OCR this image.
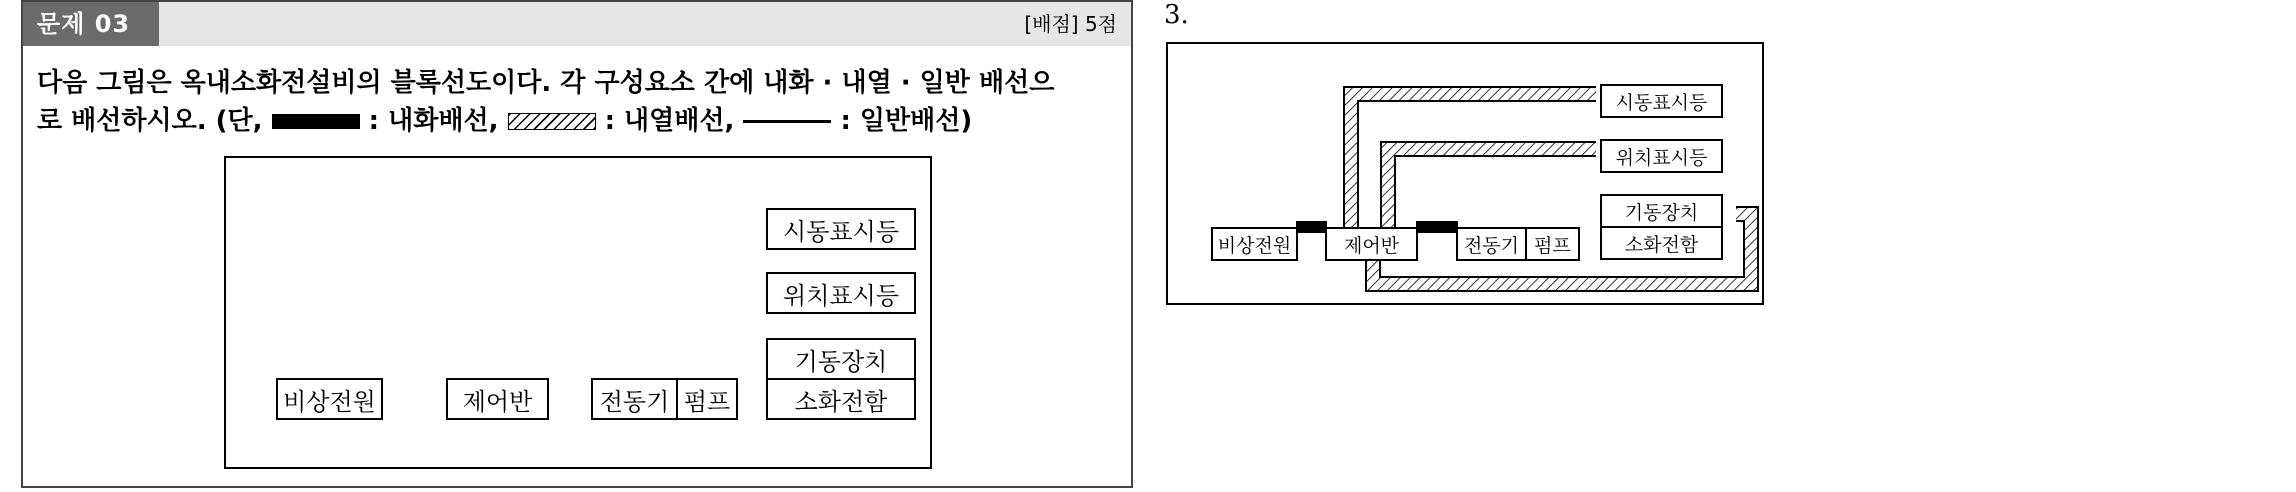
문제 03	[배점] 5점
다음 그림은 옥내소화전설비의 블록선도이다. 각 구성요소 간에 내화 · 내열 · 일반 배선으
로 배선하시오. (단,	: 내화배선,	: 내열배선,	: 일반배선)
시동표시등
위치표시등
기동장치
소화전함
비상전원	제어반	전동기 펌프
3.
시동표시등
위치표시등
기동장치
소화전함
비상전원	제어반	전동기 펌프
